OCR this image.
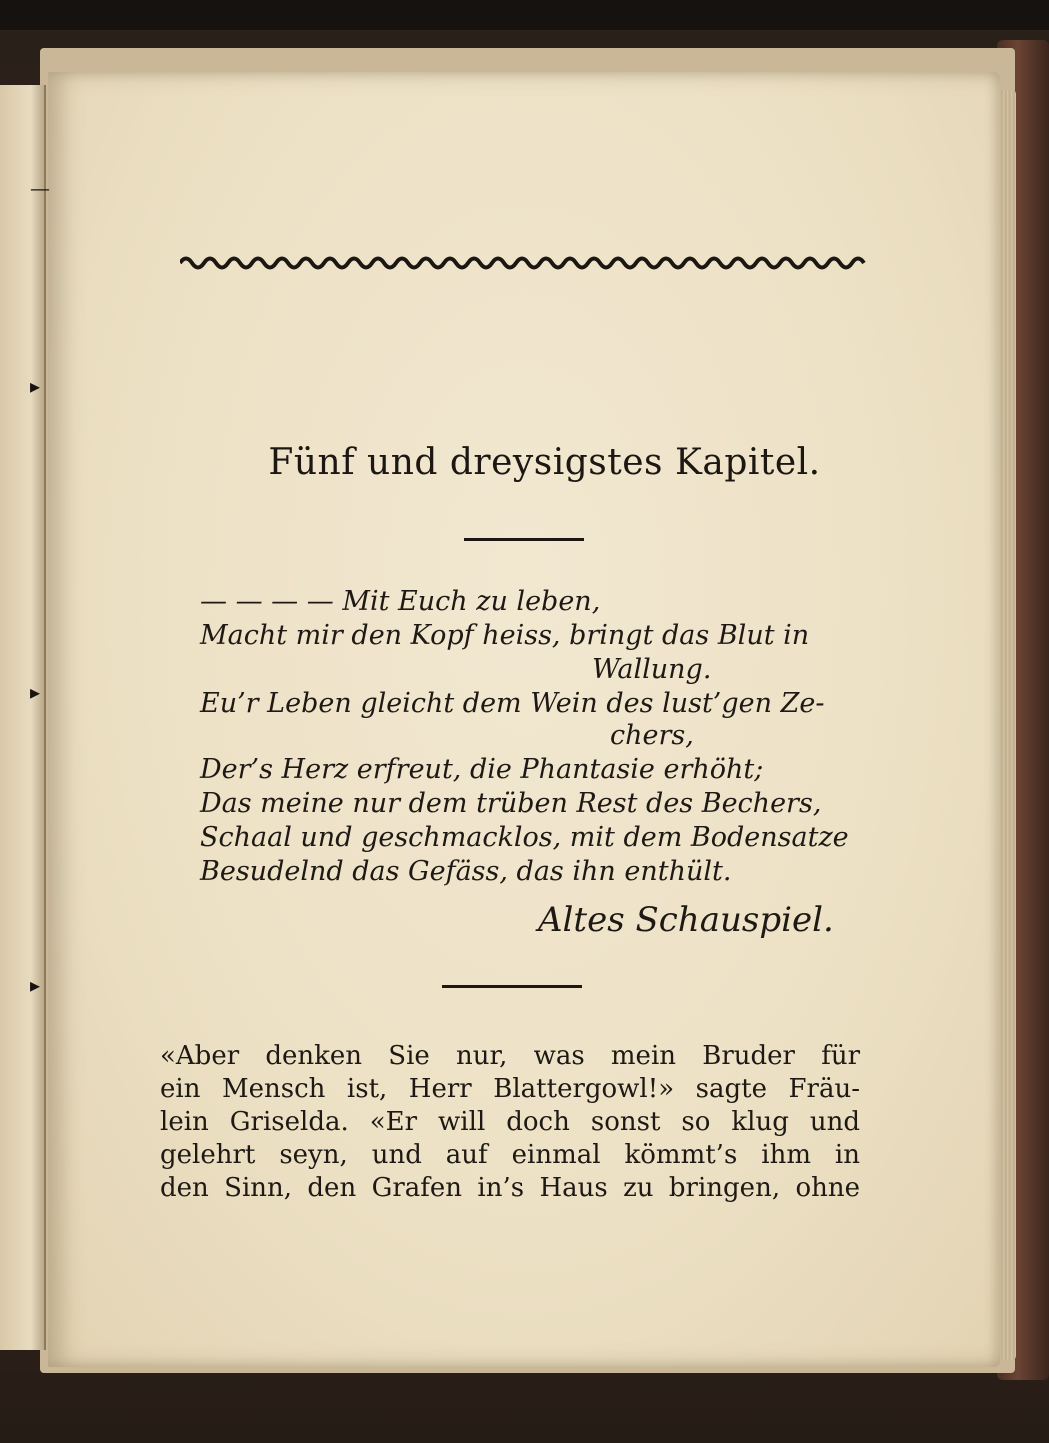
—
▸
▸
▸
Fünf und dreysigstes Kapitel.
— — — — Mit Euch zu leben,
Macht mir den Kopf heiss, bringt das Blut in
Wallung.
Eu’r Leben gleicht dem Wein des lust’gen Ze-
chers,
Der’s Herz erfreut, die Phantasie erhöht;
Das meine nur dem trüben Rest des Bechers,
Schaal und geschmacklos, mit dem Bodensatze
Besudelnd das Gefäss, das ihn enthült.
Altes Schauspiel.
«Aber denken Sie nur, was mein Bruder für
ein Mensch ist, Herr Blattergowl!» sagte Fräu-
lein Griselda. «Er will doch sonst so klug und
gelehrt seyn, und auf einmal kömmt’s ihm in
den Sinn, den Grafen in’s Haus zu bringen, ohne
